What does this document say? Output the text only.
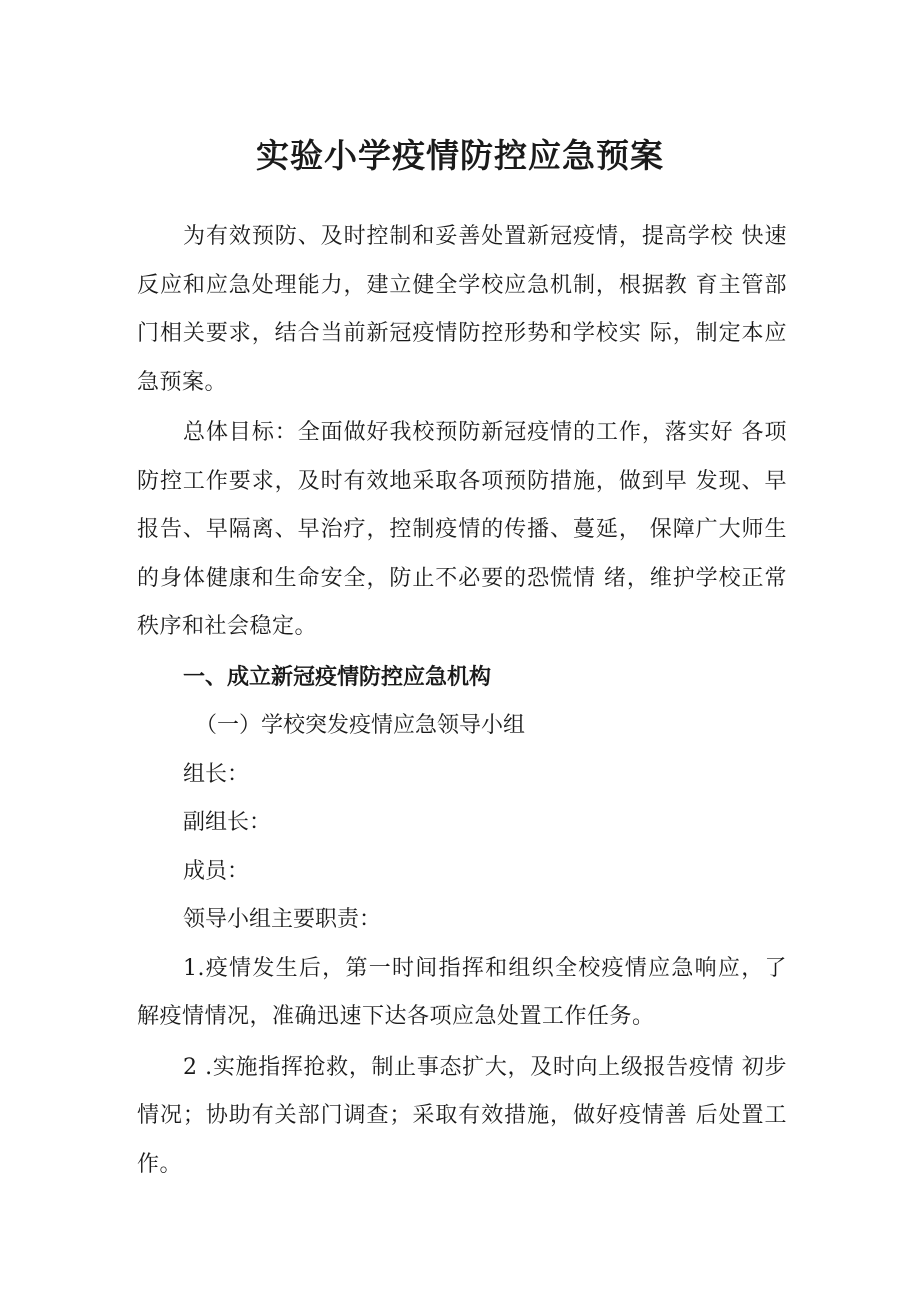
实验小学疫情防控应急预案

为有效预防、及时控制和妥善处置新冠疫情，提高学校 快速反应和应急处理能力，建立健全学校应急机制，根据教 育主管部门相关要求，结合当前新冠疫情防控形势和学校实 际，制定本应急预案。

总体目标：全面做好我校预防新冠疫情的工作，落实好 各项防控工作要求，及时有效地采取各项预防措施，做到早 发现、早报告、早隔离、早治疗，控制疫情的传播、蔓延， 保障广大师生的身体健康和生命安全，防止不必要的恐慌情 绪，维护学校正常秩序和社会稳定。

一、成立新冠疫情防控应急机构

（一）学校突发疫情应急领导小组

组长：

副组长：

成员：

领导小组主要职责：

1.疫情发生后，第一时间指挥和组织全校疫情应急响应，了解疫情情况，准确迅速下达各项应急处置工作任务。

2 .实施指挥抢救，制止事态扩大，及时向上级报告疫情 初步情况；协助有关部门调查；采取有效措施，做好疫情善 后处置工作。
